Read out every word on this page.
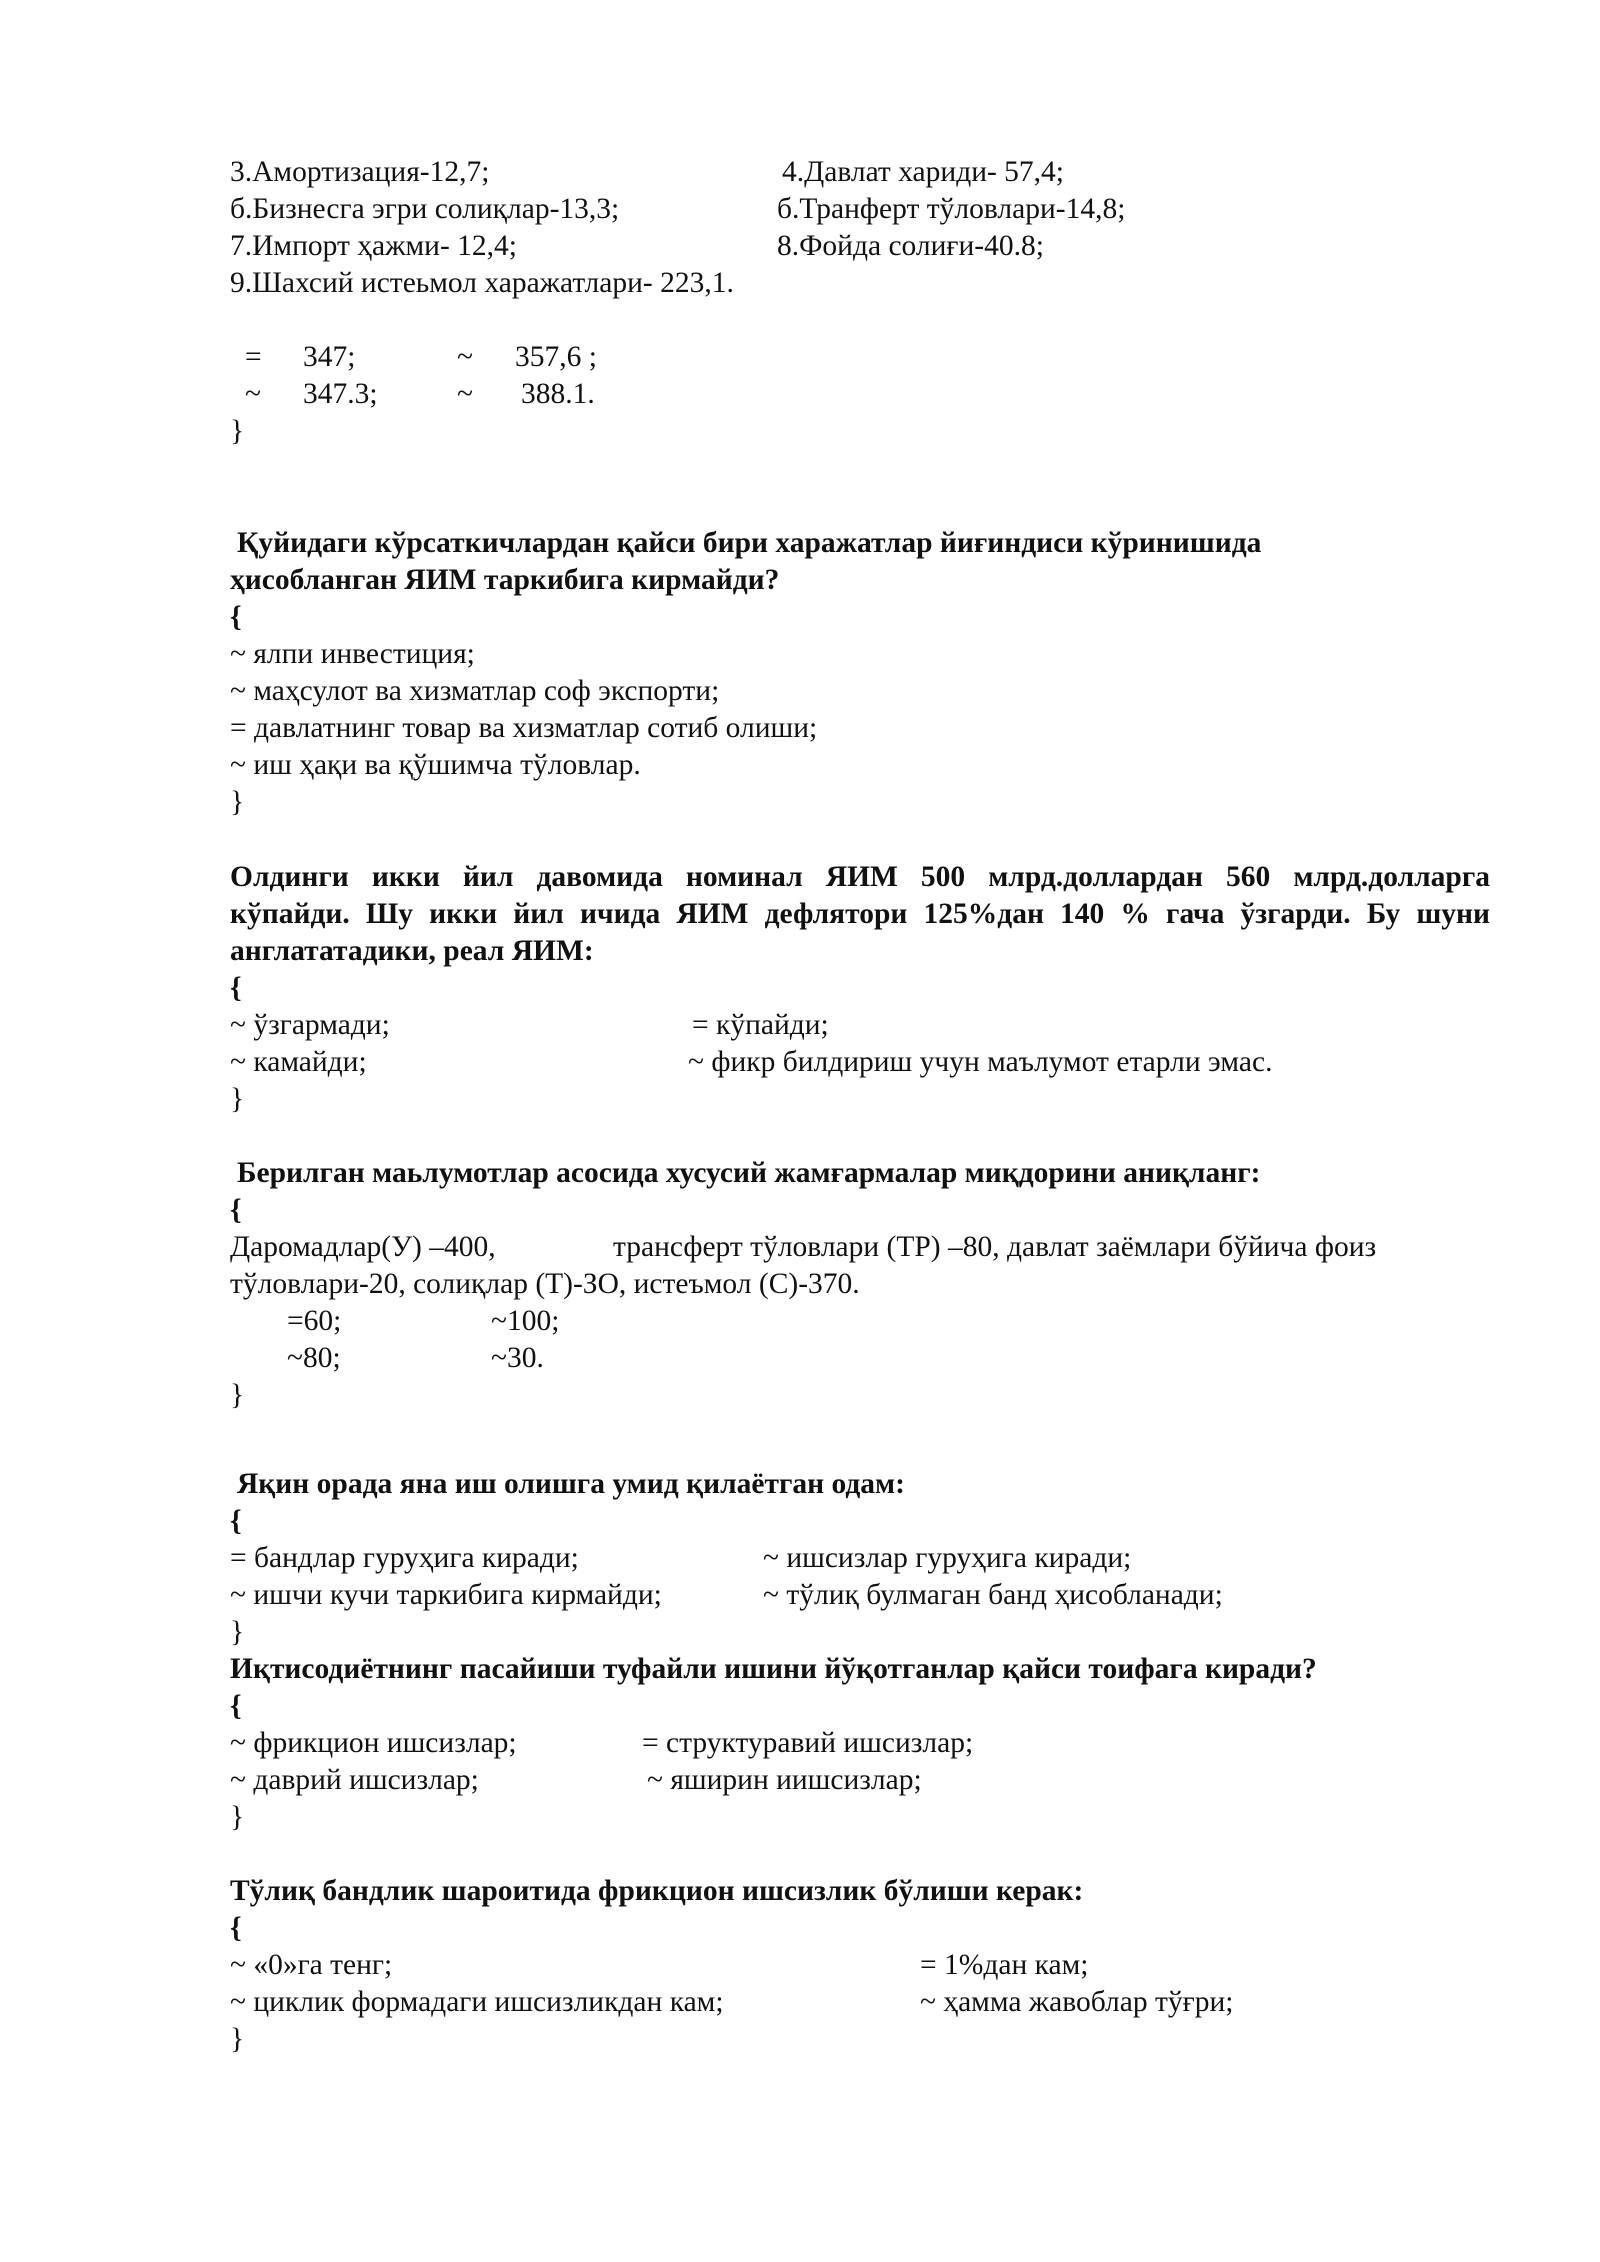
3.Амортизация-12,7;	4.Давлат хариди- 57,4;
б.Бизнесга эгри солиқлар-13,3;	б.Транферт тўловлари-14,8;
7.Импорт ҳажми- 12,4;	8.Фойда солиғи-40.8;
9.Шахсий истеьмол харажатлари- 223,1.
= 347;	~ 357,6 ;
~ 347.3;	~ 388.1.
}
Қуйидаги кўрсаткичлардан қайси бири харажатлар йиғиндиси кўринишида
ҳисобланган ЯИМ таркибига кирмайди?
{
~ ялпи инвестиция;
~ маҳсулот ва хизматлар соф экспорти;
= давлатнинг товар ва хизматлар сотиб олиши;
~ иш ҳақи ва қўшимча тўловлар.
}
Олдинги икки йил давомида номинал ЯИМ 500 млрд.доллардан 560 млрд.долларга
кўпайди. Шу икки йил ичида ЯИМ дефлятори 125%дан 140 % гача ўзгарди. Бу шуни
англататадики, реал ЯИМ:
{
~ ўзгармади;	= кўпайди;
~ камайди;	~ фикр билдириш учун маълумот етарли эмас.
}
Берилган маьлумотлар асосида хусусий жамғармалар миқдорини аниқланг:
{
Даромадлар(У) –400,	трансферт тўловлари (ТР) –80, давлат заёмлари бўйича фоиз
тўловлари-20, солиқлар (Т)-ЗО, истеъмол (С)-370.
=60;	~100;
~80;	~30.
}
Яқин орада яна иш олишга умид қилаётган одам:
{
= бандлар гуруҳига киради;	~ ишсизлар гуруҳига киради;
~ ишчи кучи таркибига кирмайди;	~ тўлиқ булмаган банд ҳисобланади;
}
Иқтисодиётнинг пасайиши туфайли ишини йўқотганлар қайси тоифага киради?
{
~ фрикцион ишсизлар;	= структуравий ишсизлар;
~ даврий ишсизлар;	~ яширин иишсизлар;
}
Тўлиқ бандлик шароитида фрикцион ишсизлик бўлиши керак:
{
~ «0»га тенг;	= 1%дан кам;
~ циклик формадаги ишсизликдан кам;	~ ҳамма жавоблар тўғри;
}
